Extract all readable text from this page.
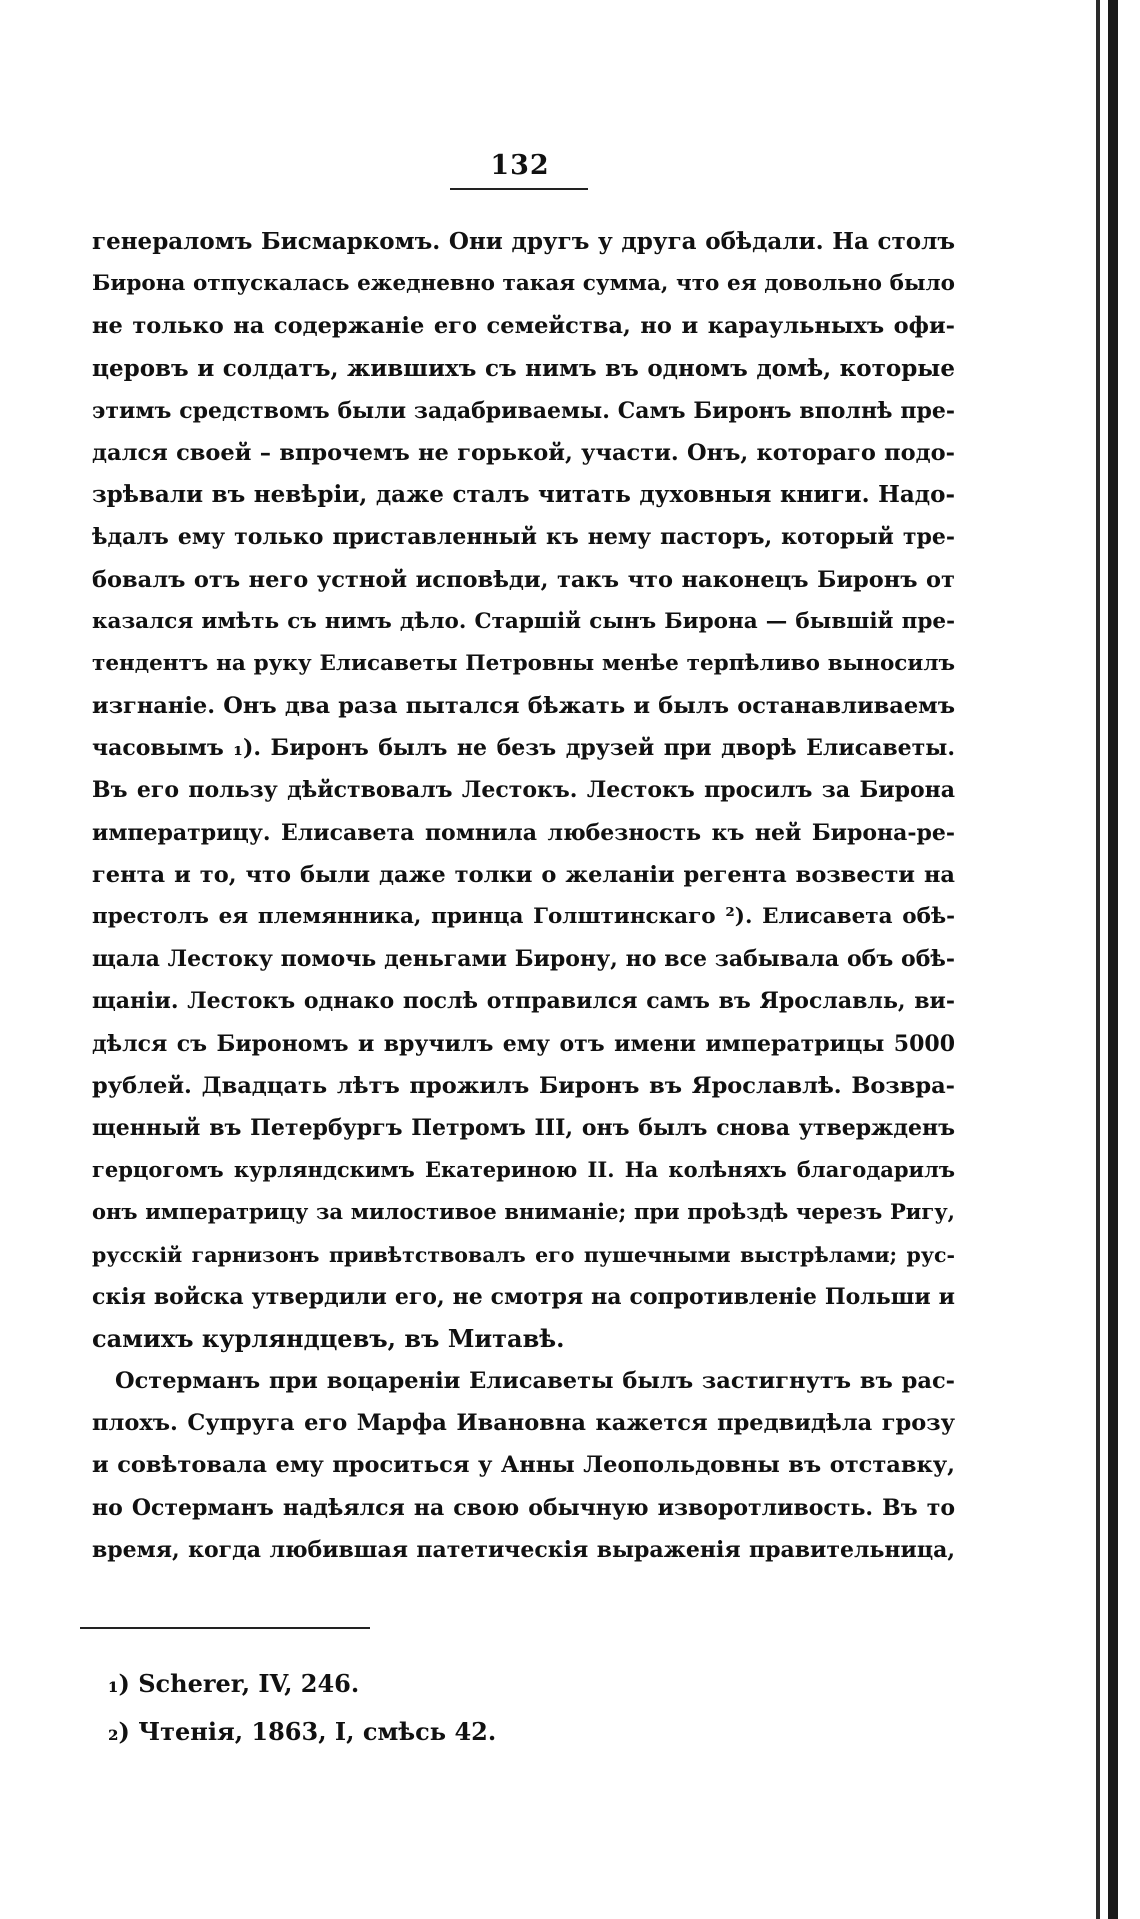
132
генераломъ Бисмаркомъ. Они другъ у друга обѣдали. На столъ
Бирона отпускалась ежедневно такая сумма, что ея довольно было
не только на содержаніе его семейства, но и караульныхъ офи-
церовъ и солдатъ, жившихъ съ нимъ въ одномъ домѣ, которые
этимъ средствомъ были задабриваемы. Самъ Биронъ вполнѣ пре-
дался своей – впрочемъ не горькой, участи. Онъ, котораго подо-
зрѣвали въ невѣріи, даже сталъ читать духовныя книги. Надо-
ѣдалъ ему только приставленный къ нему пасторъ, который тре-
бовалъ отъ него устной исповѣди, такъ что наконецъ Биронъ от
казался имѣть съ нимъ дѣло. Старшій сынъ Бирона — бывшій пре-
тендентъ на руку Елисаветы Петровны менѣе терпѣливо выносилъ
изгнаніе. Онъ два раза пытался бѣжать и былъ останавливаемъ
часовымъ ₁). Биронъ былъ не безъ друзей при дворѣ Елисаветы.
Въ его пользу дѣйствовалъ Лестокъ. Лестокъ просилъ за Бирона
императрицу. Елисавета помнила любезность къ ней Бирона-ре-
гента и то, что были даже толки о желаніи регента возвести на
престолъ ея племянника, принца Голштинскаго ²). Елисавета обѣ-
щала Лестоку помочь деньгами Бирону, но все забывала объ обѣ-
щаніи. Лестокъ однако послѣ отправился самъ въ Ярославль, ви-
дѣлся съ Бирономъ и вручилъ ему отъ имени императрицы 5000
рублей. Двадцать лѣтъ прожилъ Биронъ въ Ярославлѣ. Возвра-
щенный въ Петербургъ Петромъ III, онъ былъ снова утвержденъ
герцогомъ курляндскимъ Екатериною II. На колѣняхъ благодарилъ
онъ императрицу за милостивое вниманіе; при проѣздѣ черезъ Ригу,
русскій гарнизонъ привѣтствовалъ его пушечными выстрѣлами; рус-
скія войска утвердили его, не смотря на сопротивленіе Польши и
самихъ курляндцевъ, въ Митавѣ.
Остерманъ при воцареніи Елисаветы былъ застигнутъ въ рас-
плохъ. Супруга его Марфа Ивановна кажется предвидѣла грозу
и совѣтовала ему проситься у Анны Леопольдовны въ отставку,
но Остерманъ надѣялся на свою обычную изворотливость. Въ то
время, когда любившая патетическія выраженія правительница,
₁) Scherer, IV, 246.
₂) Чтенія, 1863, I, смѣсь 42.
